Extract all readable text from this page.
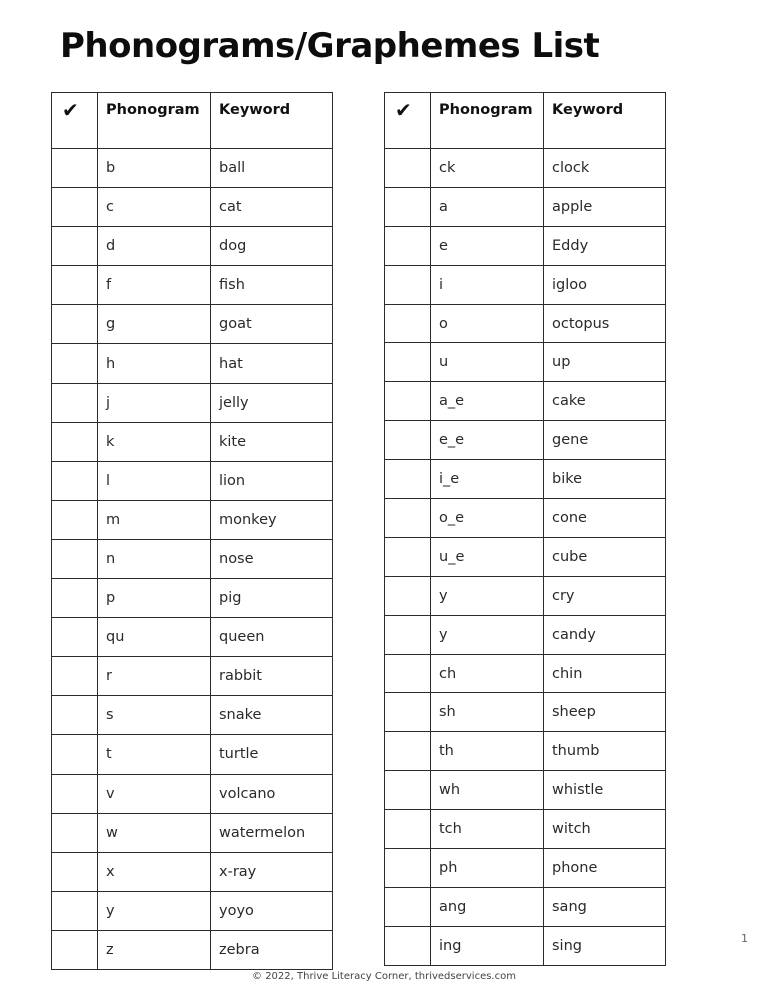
Phonograms/Graphemes List
✔	Phonogram	Keyword
	b	ball
	c	cat
	d	dog
	f	fish
	g	goat
	h	hat
	j	jelly
	k	kite
	l	lion
	m	monkey
	n	nose
	p	pig
	qu	queen
	r	rabbit
	s	snake
	t	turtle
	v	volcano
	w	watermelon
	x	x-ray
	y	yoyo
	z	zebra
✔	Phonogram	Keyword
	ck	clock
	a	apple
	e	Eddy
	i	igloo
	o	octopus
	u	up
	a_e	cake
	e_e	gene
	i_e	bike
	o_e	cone
	u_e	cube
	y	cry
	y	candy
	ch	chin
	sh	sheep
	th	thumb
	wh	whistle
	tch	witch
	ph	phone
	ang	sang
	ing	sing	1
© 2022, Thrive Literacy Corner, thrivedservices.com
